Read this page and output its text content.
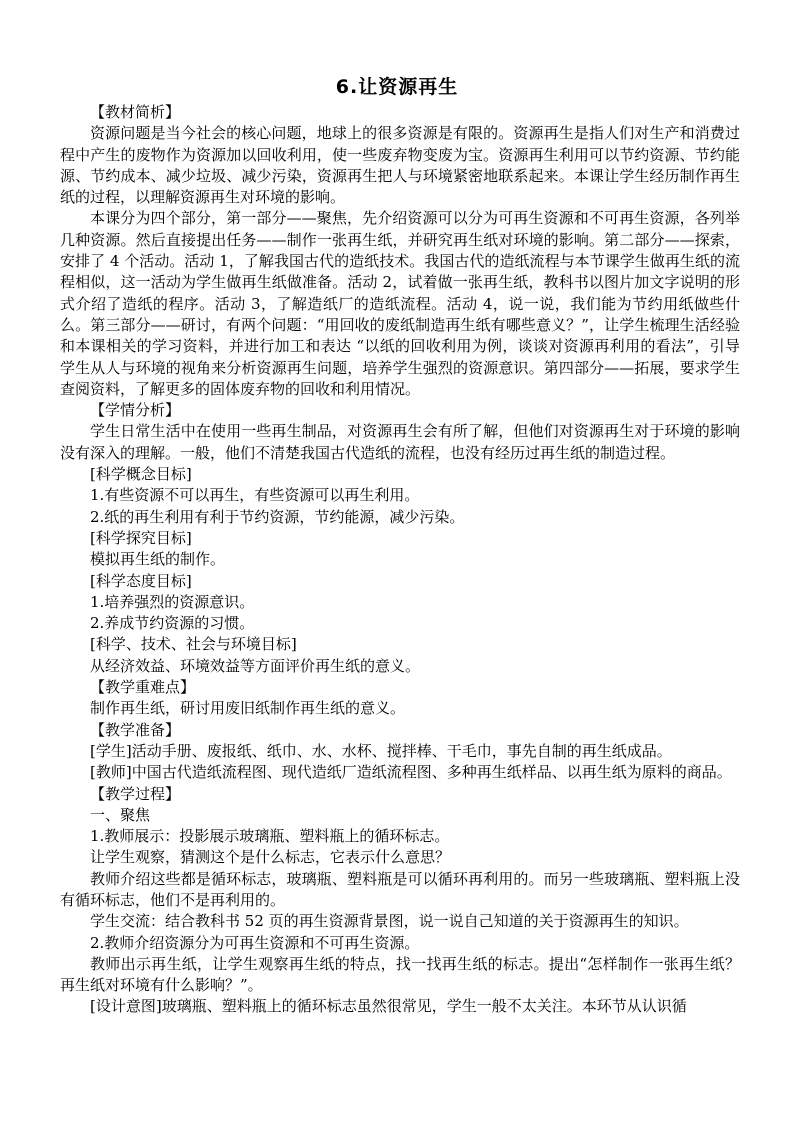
6.让资源再生

【教材简析】

资源问题是当今社会的核心问题，地球上的很多资源是有限的。资源再生是指人们对生产和消费过程中产生的废物作为资源加以回收利用，使一些废弃物变废为宝。资源再生利用可以节约资源、节约能源、节约成本、减少垃圾、减少污染，资源再生把人与环境紧密地联系起来。本课让学生经历制作再生纸的过程，以理解资源再生对环境的影响。

本课分为四个部分，第一部分——聚焦，先介绍资源可以分为可再生资源和不可再生资源，各列举几种资源。然后直接提出任务——制作一张再生纸，并研究再生纸对环境的影响。第二部分——探索，安排了 4 个活动。活动 1，了解我国古代的造纸技术。我国古代的造纸流程与本节课学生做再生纸的流程相似，这一活动为学生做再生纸做准备。活动 2，试着做一张再生纸，教科书以图片加文字说明的形式介绍了造纸的程序。活动 3，了解造纸厂的造纸流程。活动 4，说一说，我们能为节约用纸做些什么。第三部分——研讨，有两个问题：“用回收的废纸制造再生纸有哪些意义？”，让学生梳理生活经验和本课相关的学习资料，并进行加工和表达 “以纸的回收利用为例，谈谈对资源再利用的看法”，引导学生从人与环境的视角来分析资源再生问题，培养学生强烈的资源意识。第四部分——拓展，要求学生查阅资料，了解更多的固体废弃物的回收和利用情况。

【学情分析】

学生日常生活中在使用一些再生制品，对资源再生会有所了解，但他们对资源再生对于环境的影响没有深入的理解。一般，他们不清楚我国古代造纸的流程，也没有经历过再生纸的制造过程。

[科学概念目标]

1.有些资源不可以再生，有些资源可以再生利用。

2.纸的再生利用有利于节约资源，节约能源，减少污染。

[科学探究目标]

模拟再生纸的制作。

[科学态度目标]

1.培养强烈的资源意识。

2.养成节约资源的习惯。

[科学、技术、社会与环境目标]

从经济效益、环境效益等方面评价再生纸的意义。

【教学重难点】

制作再生纸，研讨用废旧纸制作再生纸的意义。

【教学准备】

[学生]活动手册、废报纸、纸巾、水、水杯、搅拌棒、干毛巾，事先自制的再生纸成品。

[教师]中国古代造纸流程图、现代造纸厂造纸流程图、多种再生纸样品、以再生纸为原料的商品。

【教学过程】

一、聚焦

1.教师展示：投影展示玻璃瓶、塑料瓶上的循环标志。

让学生观察，猜测这个是什么标志，它表示什么意思？

教师介绍这些都是循环标志，玻璃瓶、塑料瓶是可以循环再利用的。而另一些玻璃瓶、塑料瓶上没有循环标志，他们不是再利用的。

学生交流：结合教科书 52 页的再生资源背景图，说一说自己知道的关于资源再生的知识。

2.教师介绍资源分为可再生资源和不可再生资源。

教师出示再生纸，让学生观察再生纸的特点，找一找再生纸的标志。提出“怎样制作一张再生纸？再生纸对环境有什么影响？”。

[设计意图]玻璃瓶、塑料瓶上的循环标志虽然很常见，学生一般不太关注。本环节从认识循
